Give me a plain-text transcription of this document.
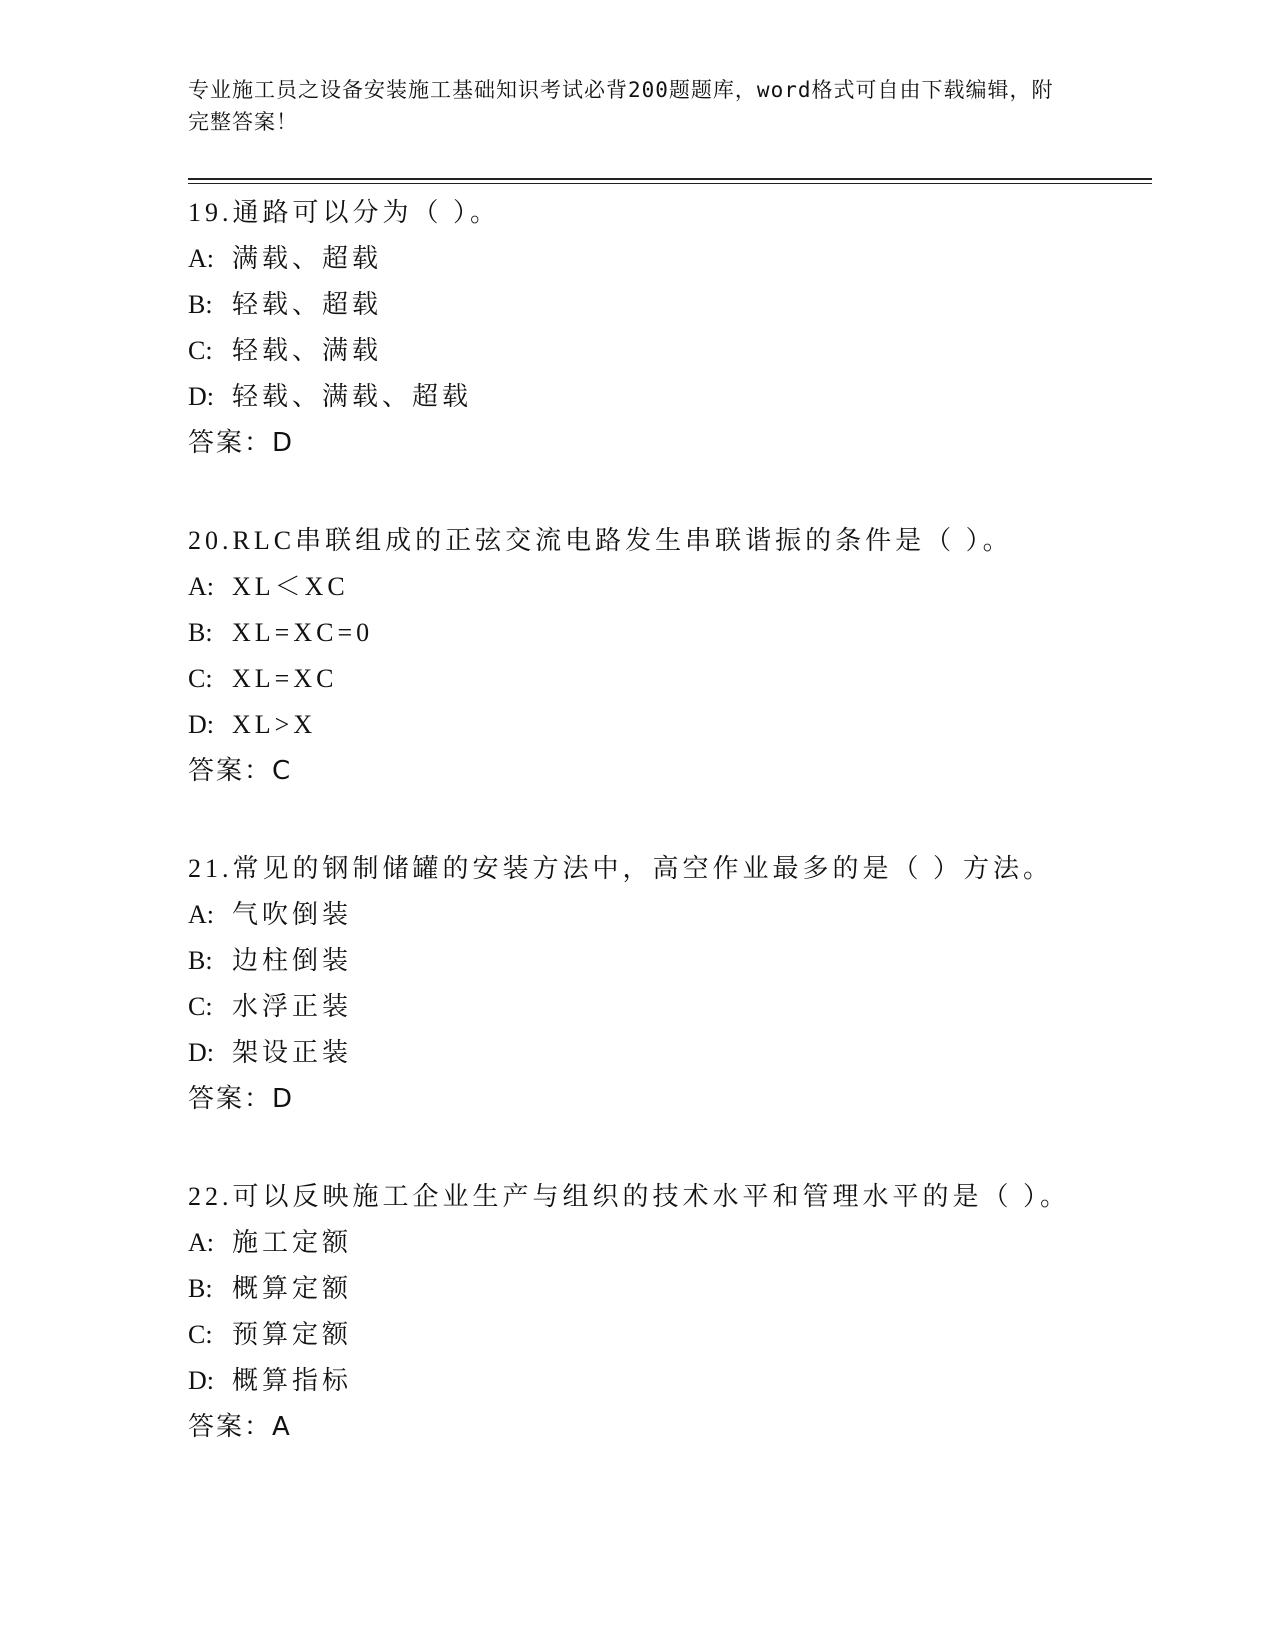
专业施工员之设备安装施工基础知识考试必背200题题库，word格式可自由下载编辑，附完整答案！
19.通路可以分为（ ）。
A: 满载、超载
B: 轻载、超载
C: 轻载、满载
D: 轻载、满载、超载
答案：D
20.RLC串联组成的正弦交流电路发生串联谐振的条件是（ ）。
A: XL＜XC
B: XL=XC=0
C: XL=XC
D: XL>X
答案：C
21.常见的钢制储罐的安装方法中，高空作业最多的是（ ）方法。
A: 气吹倒装
B: 边柱倒装
C: 水浮正装
D: 架设正装
答案：D
22.可以反映施工企业生产与组织的技术水平和管理水平的是（ ）。
A: 施工定额
B: 概算定额
C: 预算定额
D: 概算指标
答案：A
